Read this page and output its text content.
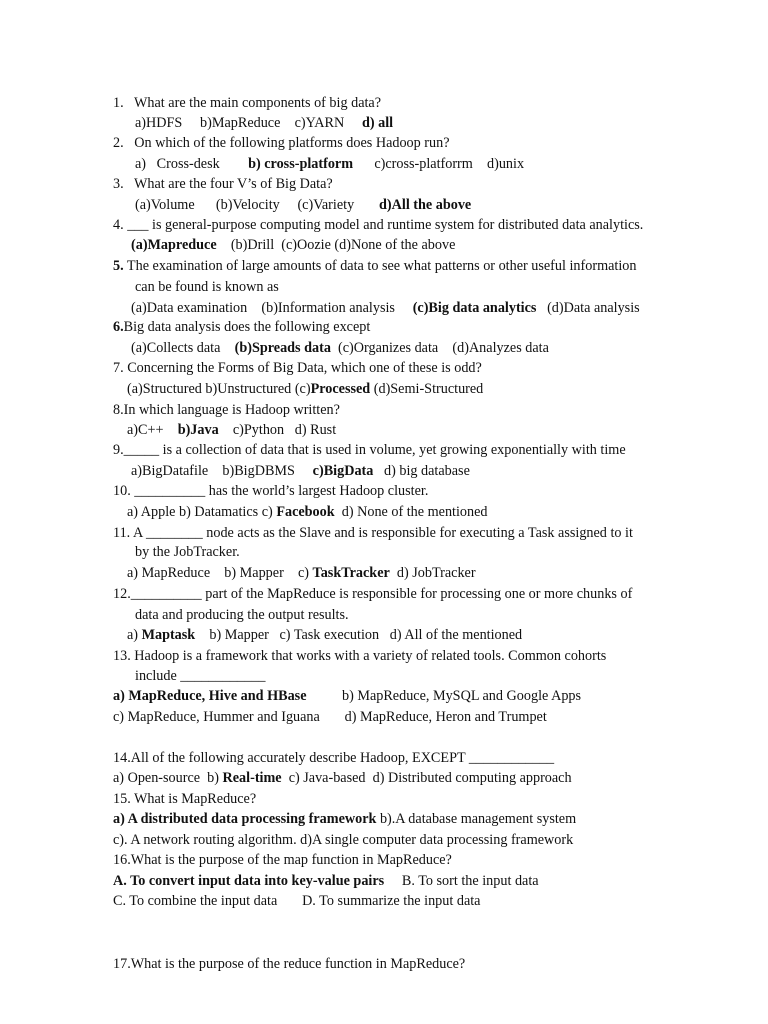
1.   What are the main components of big data?
a)HDFS     b)MapReduce    c)YARN     d) all
2.   On which of the following platforms does Hadoop run?
a)   Cross-desk        b) cross-platform      c)cross-platforrm    d)unix
3.   What are the four V’s of Big Data?
(a)Volume      (b)Velocity     (c)Variety       d)All the above
4. ___ is general-purpose computing model and runtime system for distributed data analytics.
(a)Mapreduce    (b)Drill  (c)Oozie (d)None of the above
5. The examination of large amounts of data to see what patterns or other useful information
can be found is known as
(a)Data examination    (b)Information analysis     (c)Big data analytics   (d)Data analysis
6.Big data analysis does the following except
(a)Collects data    (b)Spreads data  (c)Organizes data    (d)Analyzes data
7. Concerning the Forms of Big Data, which one of these is odd?
(a)Structured b)Unstructured (c)Processed (d)Semi-Structured
8.In which language is Hadoop written?
a)C++    b)Java    c)Python   d) Rust
9._____ is a collection of data that is used in volume, yet growing exponentially with time
a)BigDatafile    b)BigDBMS     c)BigData   d) big database
10. __________ has the world’s largest Hadoop cluster.
a) Apple b) Datamatics c) Facebook  d) None of the mentioned
11. A ________ node acts as the Slave and is responsible for executing a Task assigned to it
by the JobTracker.
a) MapReduce    b) Mapper    c) TaskTracker  d) JobTracker
12.__________ part of the MapReduce is responsible for processing one or more chunks of
data and producing the output results.
a) Maptask    b) Mapper   c) Task execution   d) All of the mentioned
13. Hadoop is a framework that works with a variety of related tools. Common cohorts
include ____________
a) MapReduce, Hive and HBase          b) MapReduce, MySQL and Google Apps
c) MapReduce, Hummer and Iguana       d) MapReduce, Heron and Trumpet
14.All of the following accurately describe Hadoop, EXCEPT ____________
a) Open-source  b) Real-time  c) Java-based  d) Distributed computing approach
15. What is MapReduce?
a) A distributed data processing framework b).A database management system
c). A network routing algorithm. d)A single computer data processing framework
16.What is the purpose of the map function in MapReduce?
A. To convert input data into key-value pairs     B. To sort the input data
C. To combine the input data       D. To summarize the input data
17.What is the purpose of the reduce function in MapReduce?
